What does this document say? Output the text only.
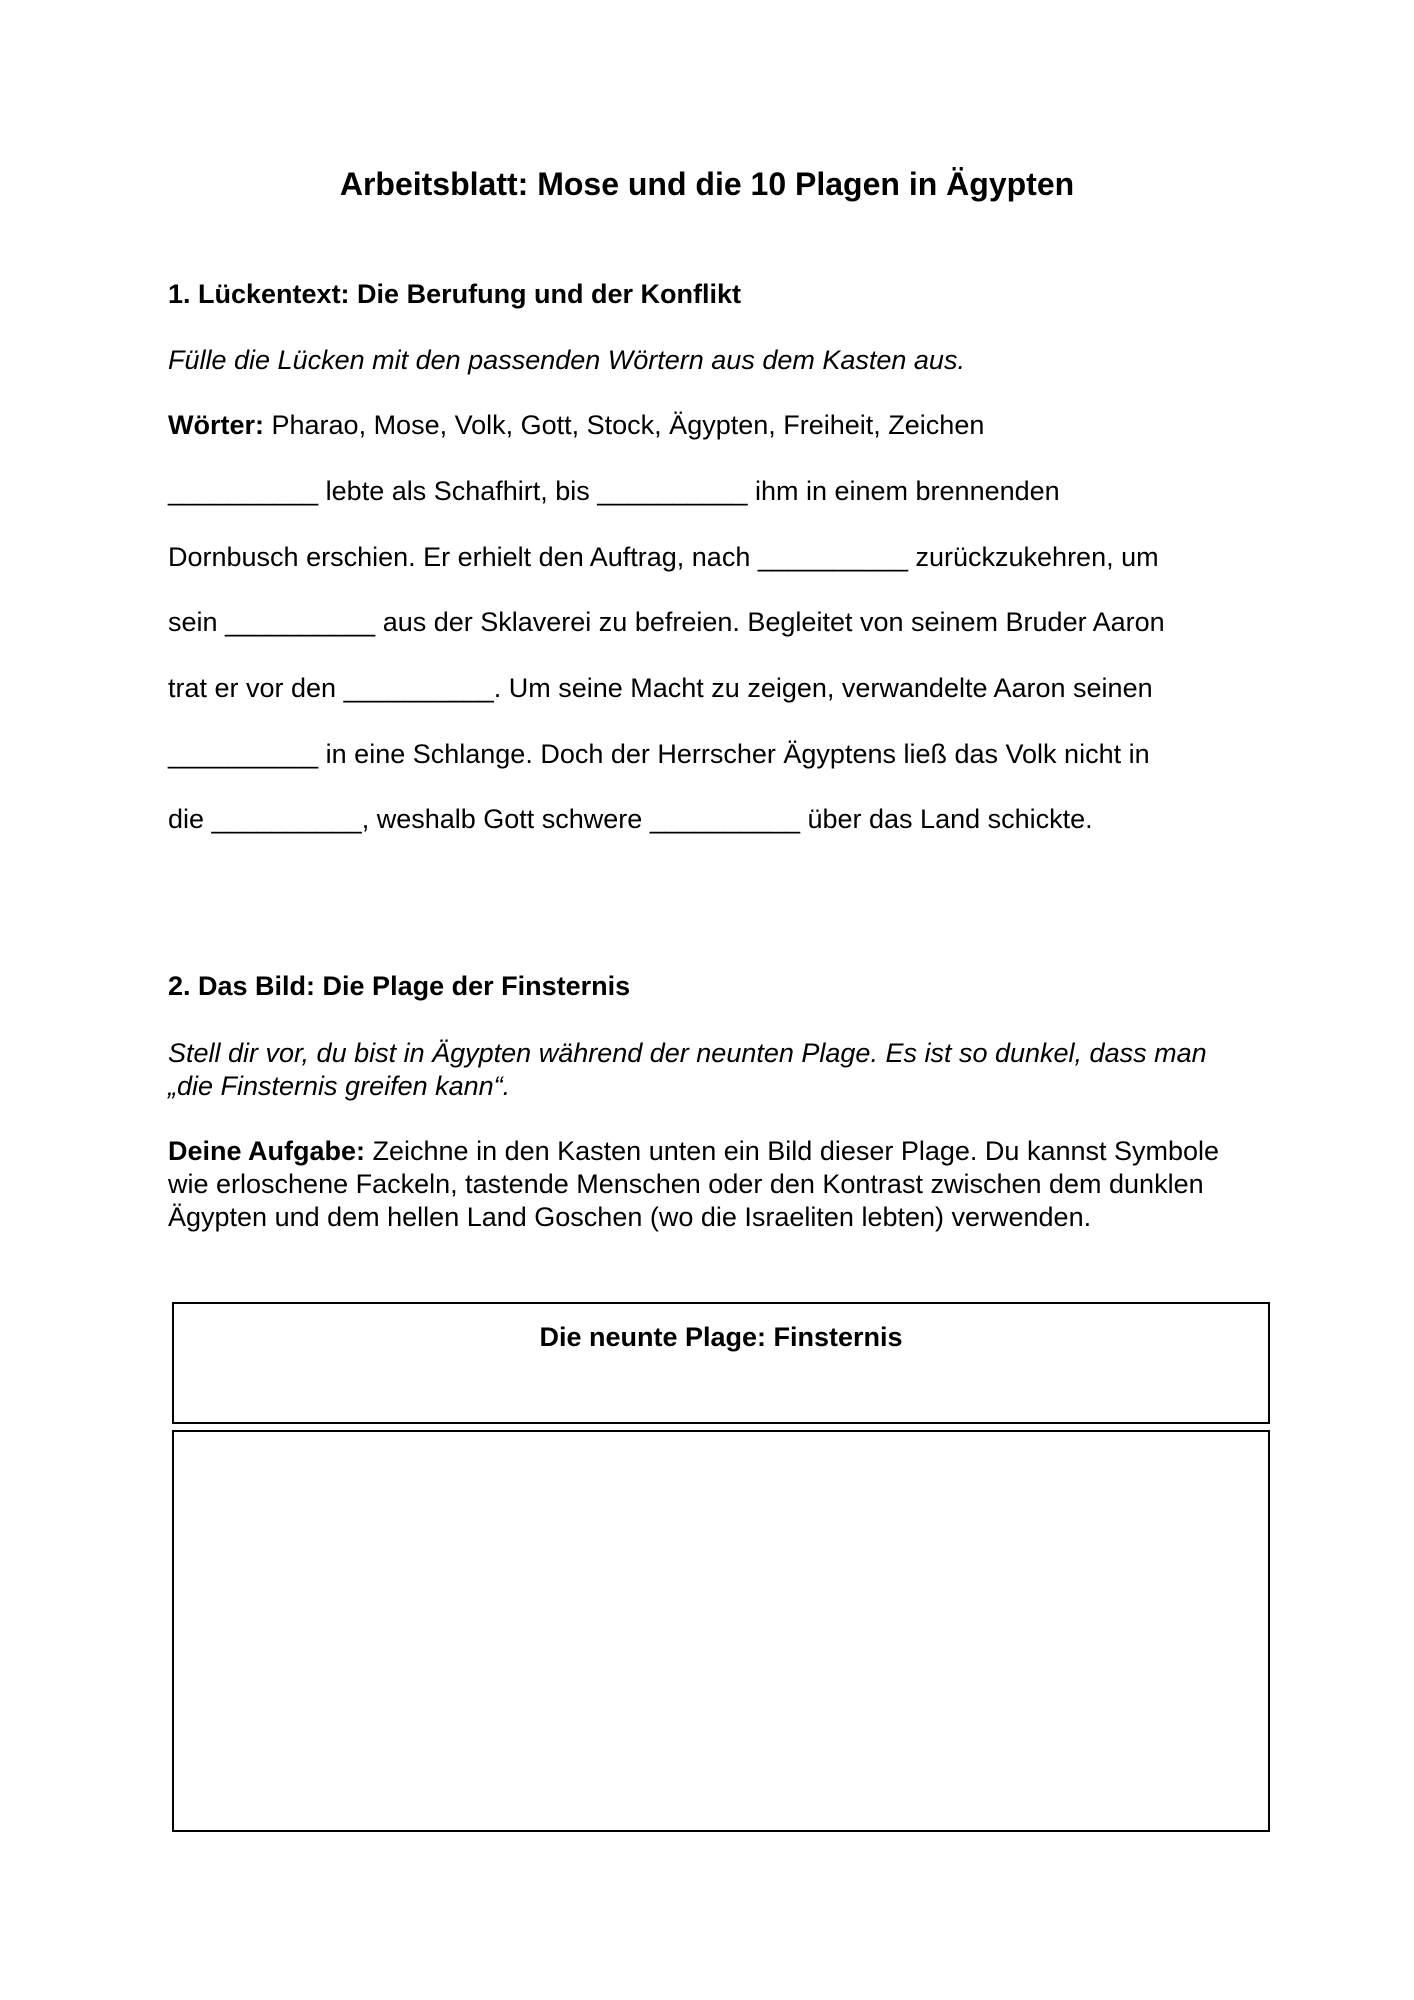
Arbeitsblatt: Mose und die 10 Plagen in Ägypten

1. Lückentext: Die Berufung und der Konflikt

Fülle die Lücken mit den passenden Wörtern aus dem Kasten aus.

Wörter: Pharao, Mose, Volk, Gott, Stock, Ägypten, Freiheit, Zeichen

__________ lebte als Schafhirt, bis __________ ihm in einem brennenden

Dornbusch erschien. Er erhielt den Auftrag, nach __________ zurückzukehren, um

sein __________ aus der Sklaverei zu befreien. Begleitet von seinem Bruder Aaron

trat er vor den __________. Um seine Macht zu zeigen, verwandelte Aaron seinen

__________ in eine Schlange. Doch der Herrscher Ägyptens ließ das Volk nicht in

die __________, weshalb Gott schwere __________ über das Land schickte.

2. Das Bild: Die Plage der Finsternis

Stell dir vor, du bist in Ägypten während der neunten Plage. Es ist so dunkel, dass man „die Finsternis greifen kann“.

Deine Aufgabe: Zeichne in den Kasten unten ein Bild dieser Plage. Du kannst Symbole wie erloschene Fackeln, tastende Menschen oder den Kontrast zwischen dem dunklen Ägypten und dem hellen Land Goschen (wo die Israeliten lebten) verwenden.

Die neunte Plage: Finsternis
